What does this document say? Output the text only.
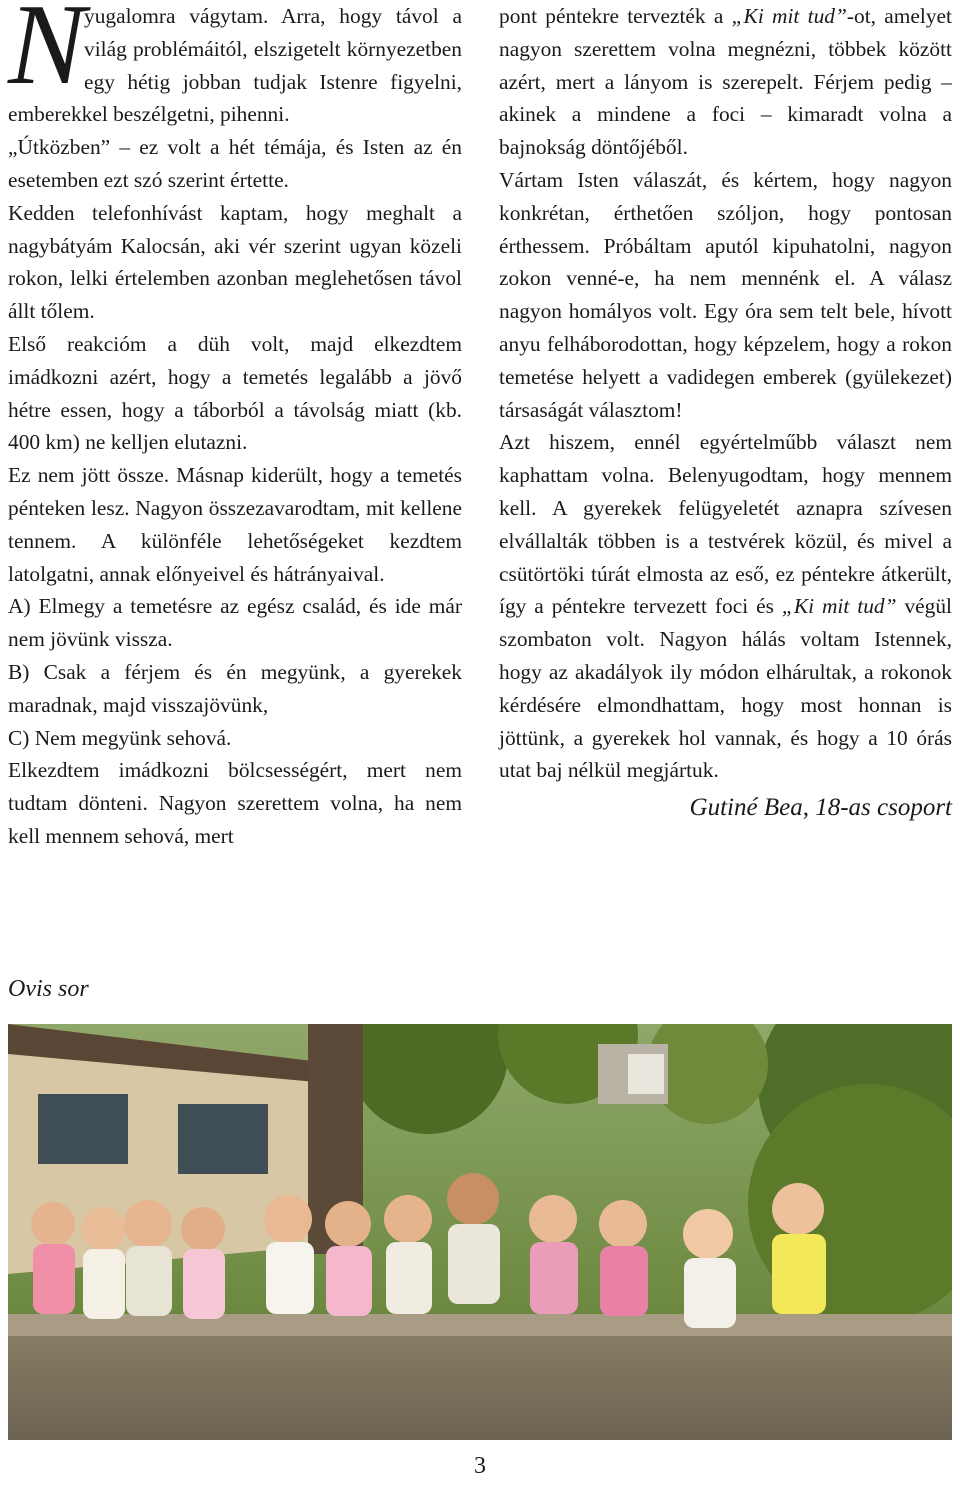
N

yugalomra vágytam. Arra, hogy távol a világ problémáitól, elszigetelt környezetben egy hétig jobban tudjak Istenre figyelni, emberekkel beszélgetni, pihenni.

„Útközben” – ez volt a hét témája, és Isten az én esetemben ezt szó szerint értette.

Kedden telefonhívást kaptam, hogy meghalt a nagybátyám Kalocsán, aki vér szerint ugyan közeli rokon, lelki értelemben azonban meglehetősen távol állt tőlem.

Első reakcióm a düh volt, majd elkezdtem imádkozni azért, hogy a temetés legalább a jövő hétre essen, hogy a táborból a távolság miatt (kb. 400 km) ne kelljen elutazni.

Ez nem jött össze. Másnap kiderült, hogy a temetés pénteken lesz. Nagyon összezavarodtam, mit kellene tennem. A különféle lehetőségeket kezdtem latolgatni, annak előnyeivel és hátrányaival.

A) Elmegy a temetésre az egész család, és ide már nem jövünk vissza.

B) Csak a férjem és én megyünk, a gyerekek maradnak, majd visszajövünk,

C) Nem megyünk sehová.

Elkezdtem imádkozni bölcsességért, mert nem tudtam dönteni. Nagyon szerettem volna, ha nem kell mennem sehová, mert

pont péntekre tervezték a „Ki mit tud”-ot, amelyet nagyon szerettem volna megnézni, többek között azért, mert a lányom is szerepelt. Férjem pedig – akinek a mindene a foci – kimaradt volna a bajnokság döntőjéből.

Vártam Isten válaszát, és kértem, hogy nagyon konkrétan, érthetően szóljon, hogy pontosan érthessem. Próbáltam aputól kipuhatolni, nagyon zokon venné-e, ha nem mennénk el. A válasz nagyon homályos volt. Egy óra sem telt bele, hívott anyu felháborodottan, hogy képzelem, hogy a rokon temetése helyett a vadidegen emberek (gyülekezet) társaságát választom!

Azt hiszem, ennél egyértelműbb választ nem kaphattam volna. Belenyugodtam, hogy mennem kell. A gyerekek felügyeletét aznapra szívesen elvállalták többen is a testvérek közül, és mivel a csütörtöki túrát elmosta az eső, ez péntekre átkerült, így a péntekre tervezett foci és „Ki mit tud” végül szombaton volt. Nagyon hálás voltam Istennek, hogy az akadályok ily módon elhárultak, a rokonok kérdésére elmondhattam, hogy most honnan is jöttünk, a gyerekek hol vannak, és hogy a 10 órás utat baj nélkül megjártuk.

Gutiné Bea, 18-as csoport

Ovis sor
3
